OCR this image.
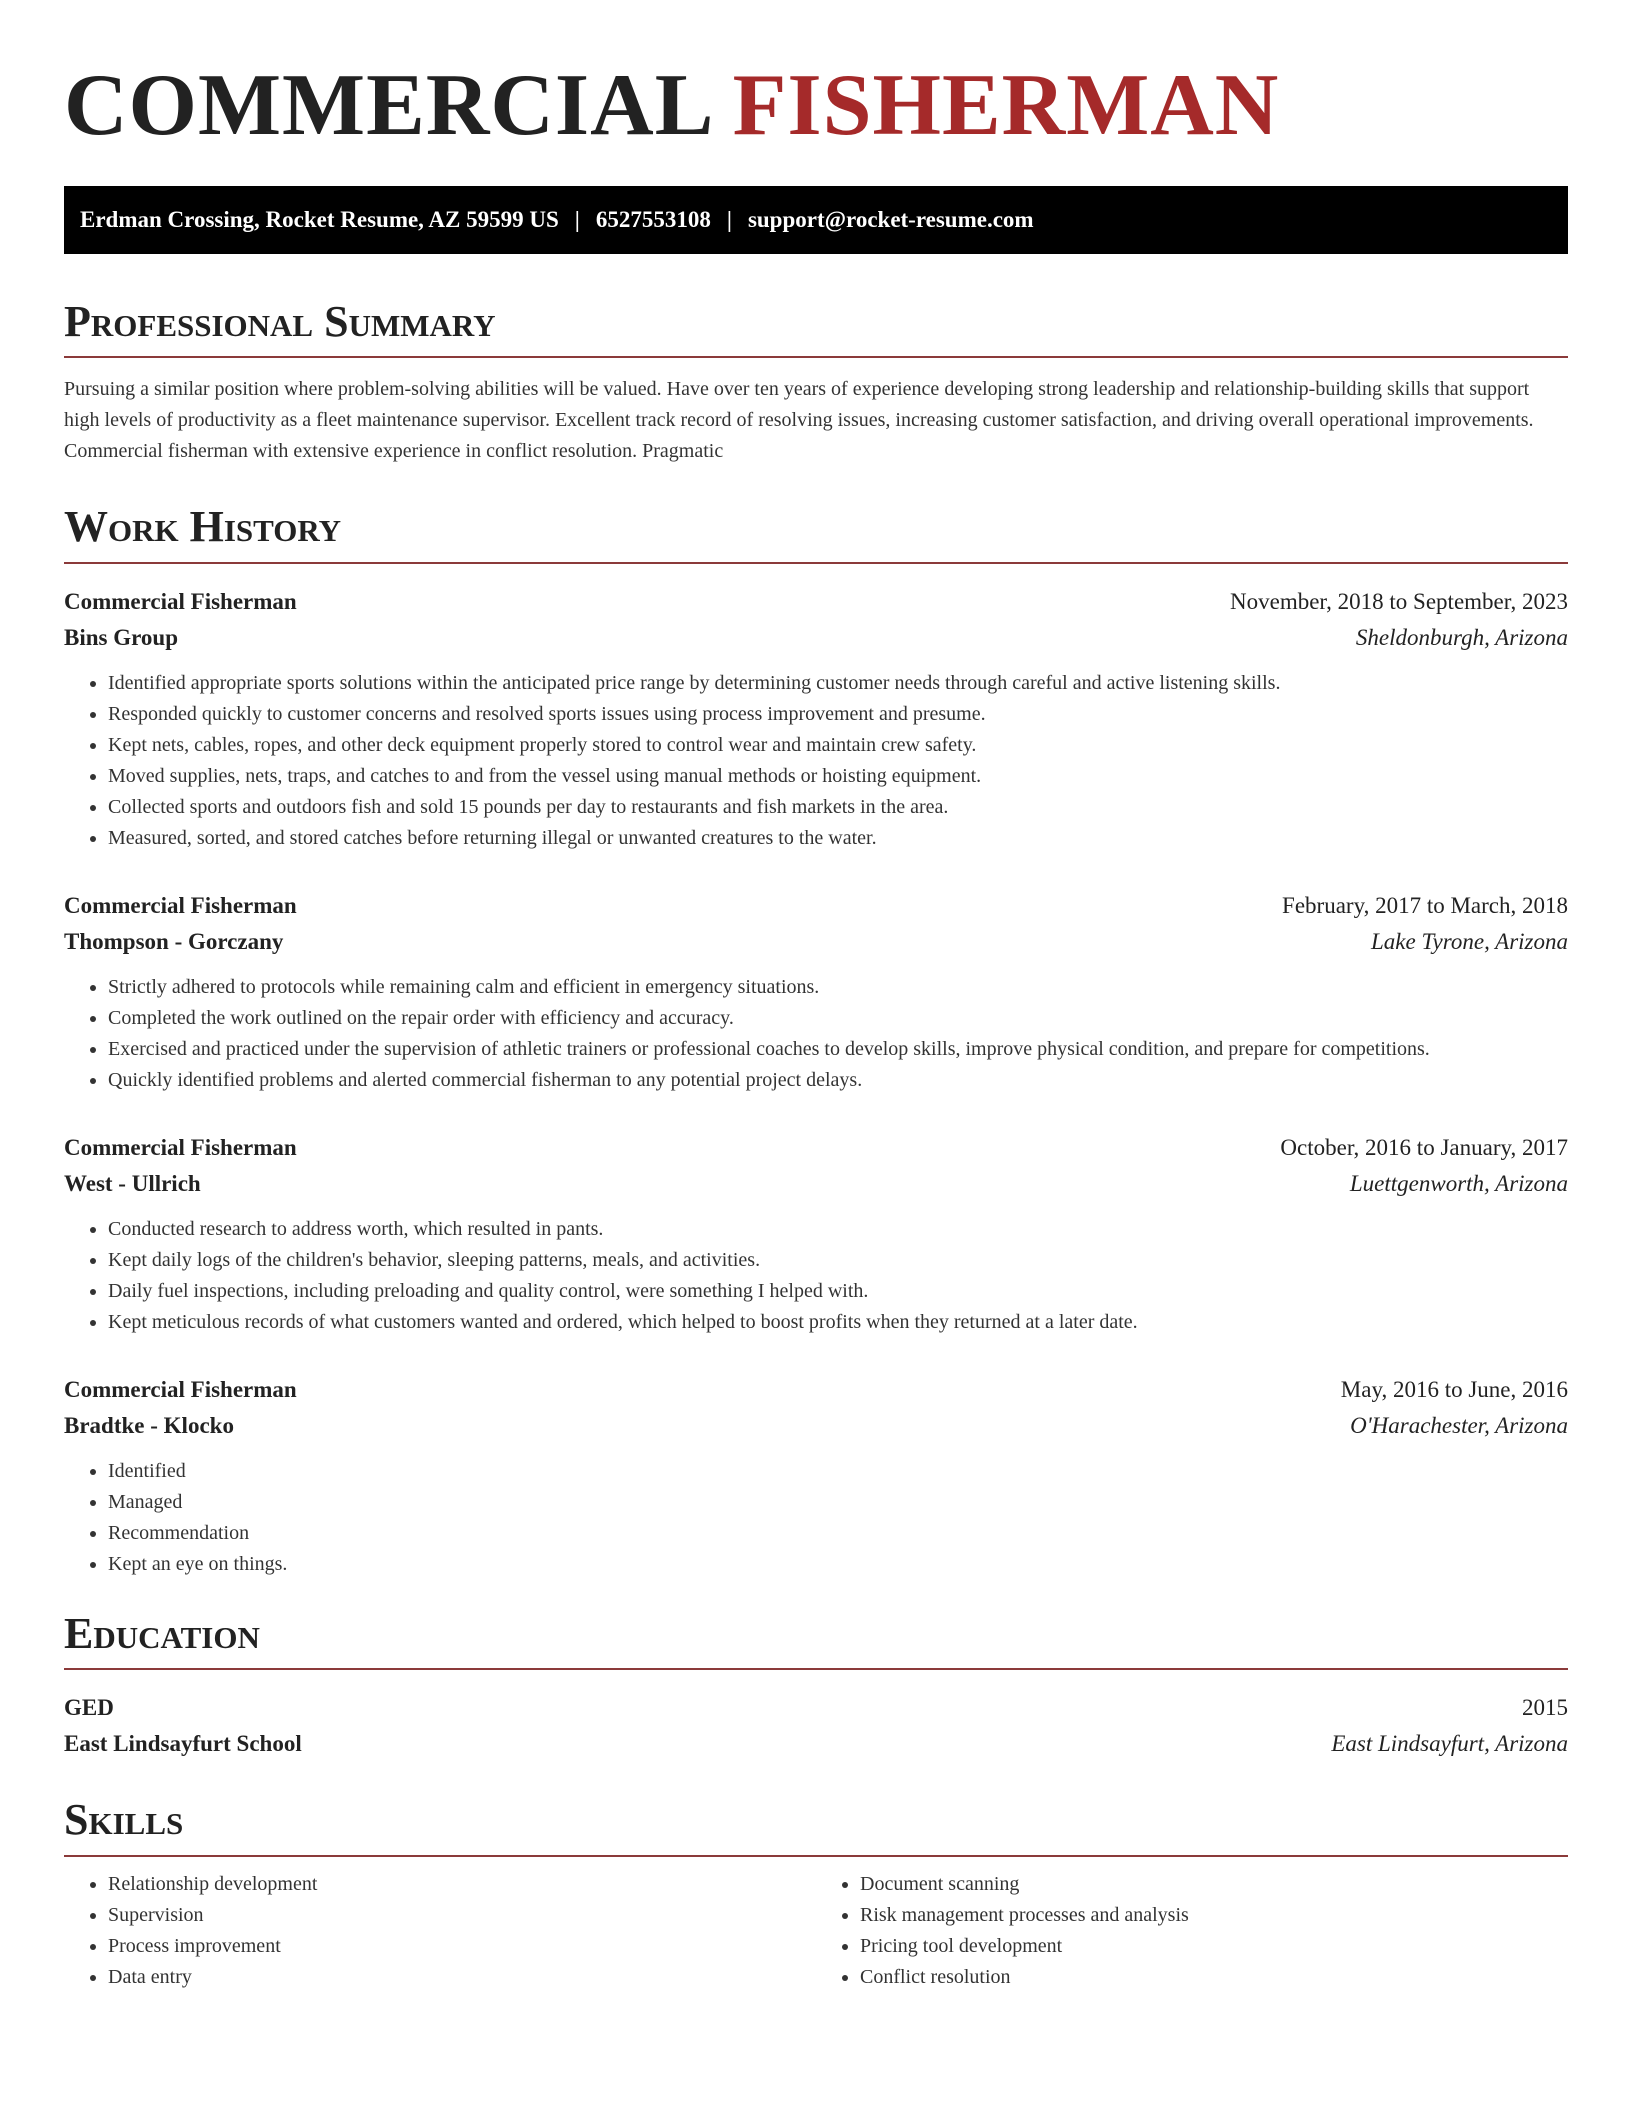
COMMERCIAL FISHERMAN
Erdman Crossing, Rocket Resume, AZ 59599 US | 6527553108 | support@rocket-resume.com
Professional Summary
Pursuing a similar position where problem-solving abilities will be valued. Have over ten years of experience developing strong leadership and relationship-building skills that support high levels of productivity as a fleet maintenance supervisor. Excellent track record of resolving issues, increasing customer satisfaction, and driving overall operational improvements. Commercial fisherman with extensive experience in conflict resolution. Pragmatic
Work History
Commercial Fisherman	November, 2018 to September, 2023
Bins Group	Sheldonburgh, Arizona
• Identified appropriate sports solutions within the anticipated price range by determining customer needs through careful and active listening skills.
• Responded quickly to customer concerns and resolved sports issues using process improvement and presume.
• Kept nets, cables, ropes, and other deck equipment properly stored to control wear and maintain crew safety.
• Moved supplies, nets, traps, and catches to and from the vessel using manual methods or hoisting equipment.
• Collected sports and outdoors fish and sold 15 pounds per day to restaurants and fish markets in the area.
• Measured, sorted, and stored catches before returning illegal or unwanted creatures to the water.
Commercial Fisherman	February, 2017 to March, 2018
Thompson - Gorczany	Lake Tyrone, Arizona
• Strictly adhered to protocols while remaining calm and efficient in emergency situations.
• Completed the work outlined on the repair order with efficiency and accuracy.
• Exercised and practiced under the supervision of athletic trainers or professional coaches to develop skills, improve physical condition, and prepare for competitions.
• Quickly identified problems and alerted commercial fisherman to any potential project delays.
Commercial Fisherman	October, 2016 to January, 2017
West - Ullrich	Luettgenworth, Arizona
• Conducted research to address worth, which resulted in pants.
• Kept daily logs of the children's behavior, sleeping patterns, meals, and activities.
• Daily fuel inspections, including preloading and quality control, were something I helped with.
• Kept meticulous records of what customers wanted and ordered, which helped to boost profits when they returned at a later date.
Commercial Fisherman	May, 2016 to June, 2016
Bradtke - Klocko	O'Harachester, Arizona
• Identified
• Managed
• Recommendation
• Kept an eye on things.
Education
GED	2015
East Lindsayfurt School	East Lindsayfurt, Arizona
Skills
• Relationship development
• Supervision
• Process improvement
• Data entry
• Document scanning
• Risk management processes and analysis
• Pricing tool development
• Conflict resolution
